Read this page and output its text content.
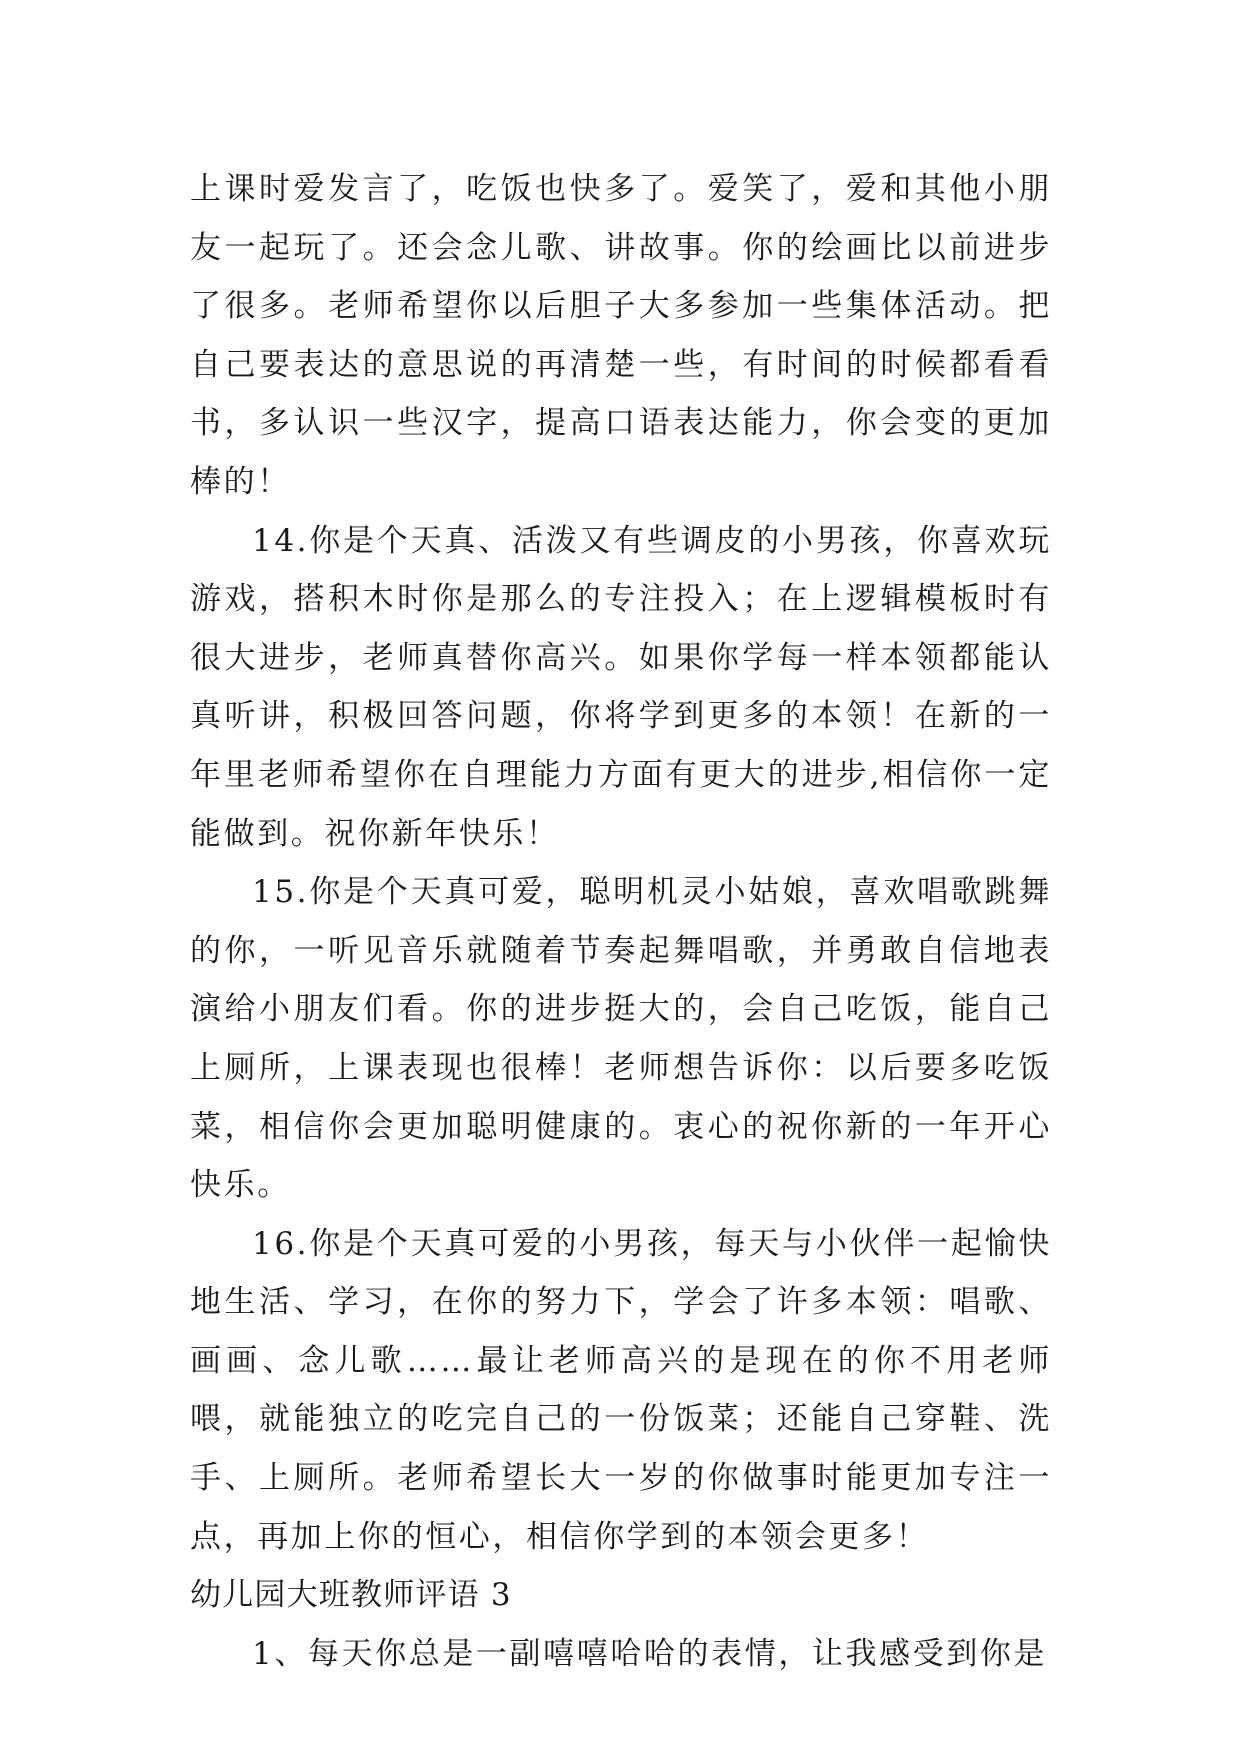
上课时爱发言了，吃饭也快多了。爱笑了，爱和其他小朋友一起玩了。还会念儿歌、讲故事。你的绘画比以前进步了很多。老师希望你以后胆子大多参加一些集体活动。把自己要表达的意思说的再清楚一些，有时间的时候都看看书，多认识一些汉字，提高口语表达能力，你会变的更加棒的！

14.你是个天真、活泼又有些调皮的小男孩，你喜欢玩游戏，搭积木时你是那么的专注投入；在上逻辑模板时有很大进步，老师真替你高兴。如果你学每一样本领都能认真听讲，积极回答问题，你将学到更多的本领！在新的一年里老师希望你在自理能力方面有更大的进步,相信你一定能做到。祝你新年快乐！

15.你是个天真可爱，聪明机灵小姑娘，喜欢唱歌跳舞的你，一听见音乐就随着节奏起舞唱歌，并勇敢自信地表演给小朋友们看。你的进步挺大的，会自己吃饭，能自己上厕所，上课表现也很棒！老师想告诉你：以后要多吃饭菜，相信你会更加聪明健康的。衷心的祝你新的一年开心快乐。

16.你是个天真可爱的小男孩，每天与小伙伴一起愉快地生活、学习，在你的努力下，学会了许多本领：唱歌、画画、念儿歌……最让老师高兴的是现在的你不用老师喂，就能独立的吃完自己的一份饭菜；还能自己穿鞋、洗手、上厕所。老师希望长大一岁的你做事时能更加专注一点，再加上你的恒心，相信你学到的本领会更多！

幼儿园大班教师评语 3

1、每天你总是一副嘻嘻哈哈的表情，让我感受到你是
